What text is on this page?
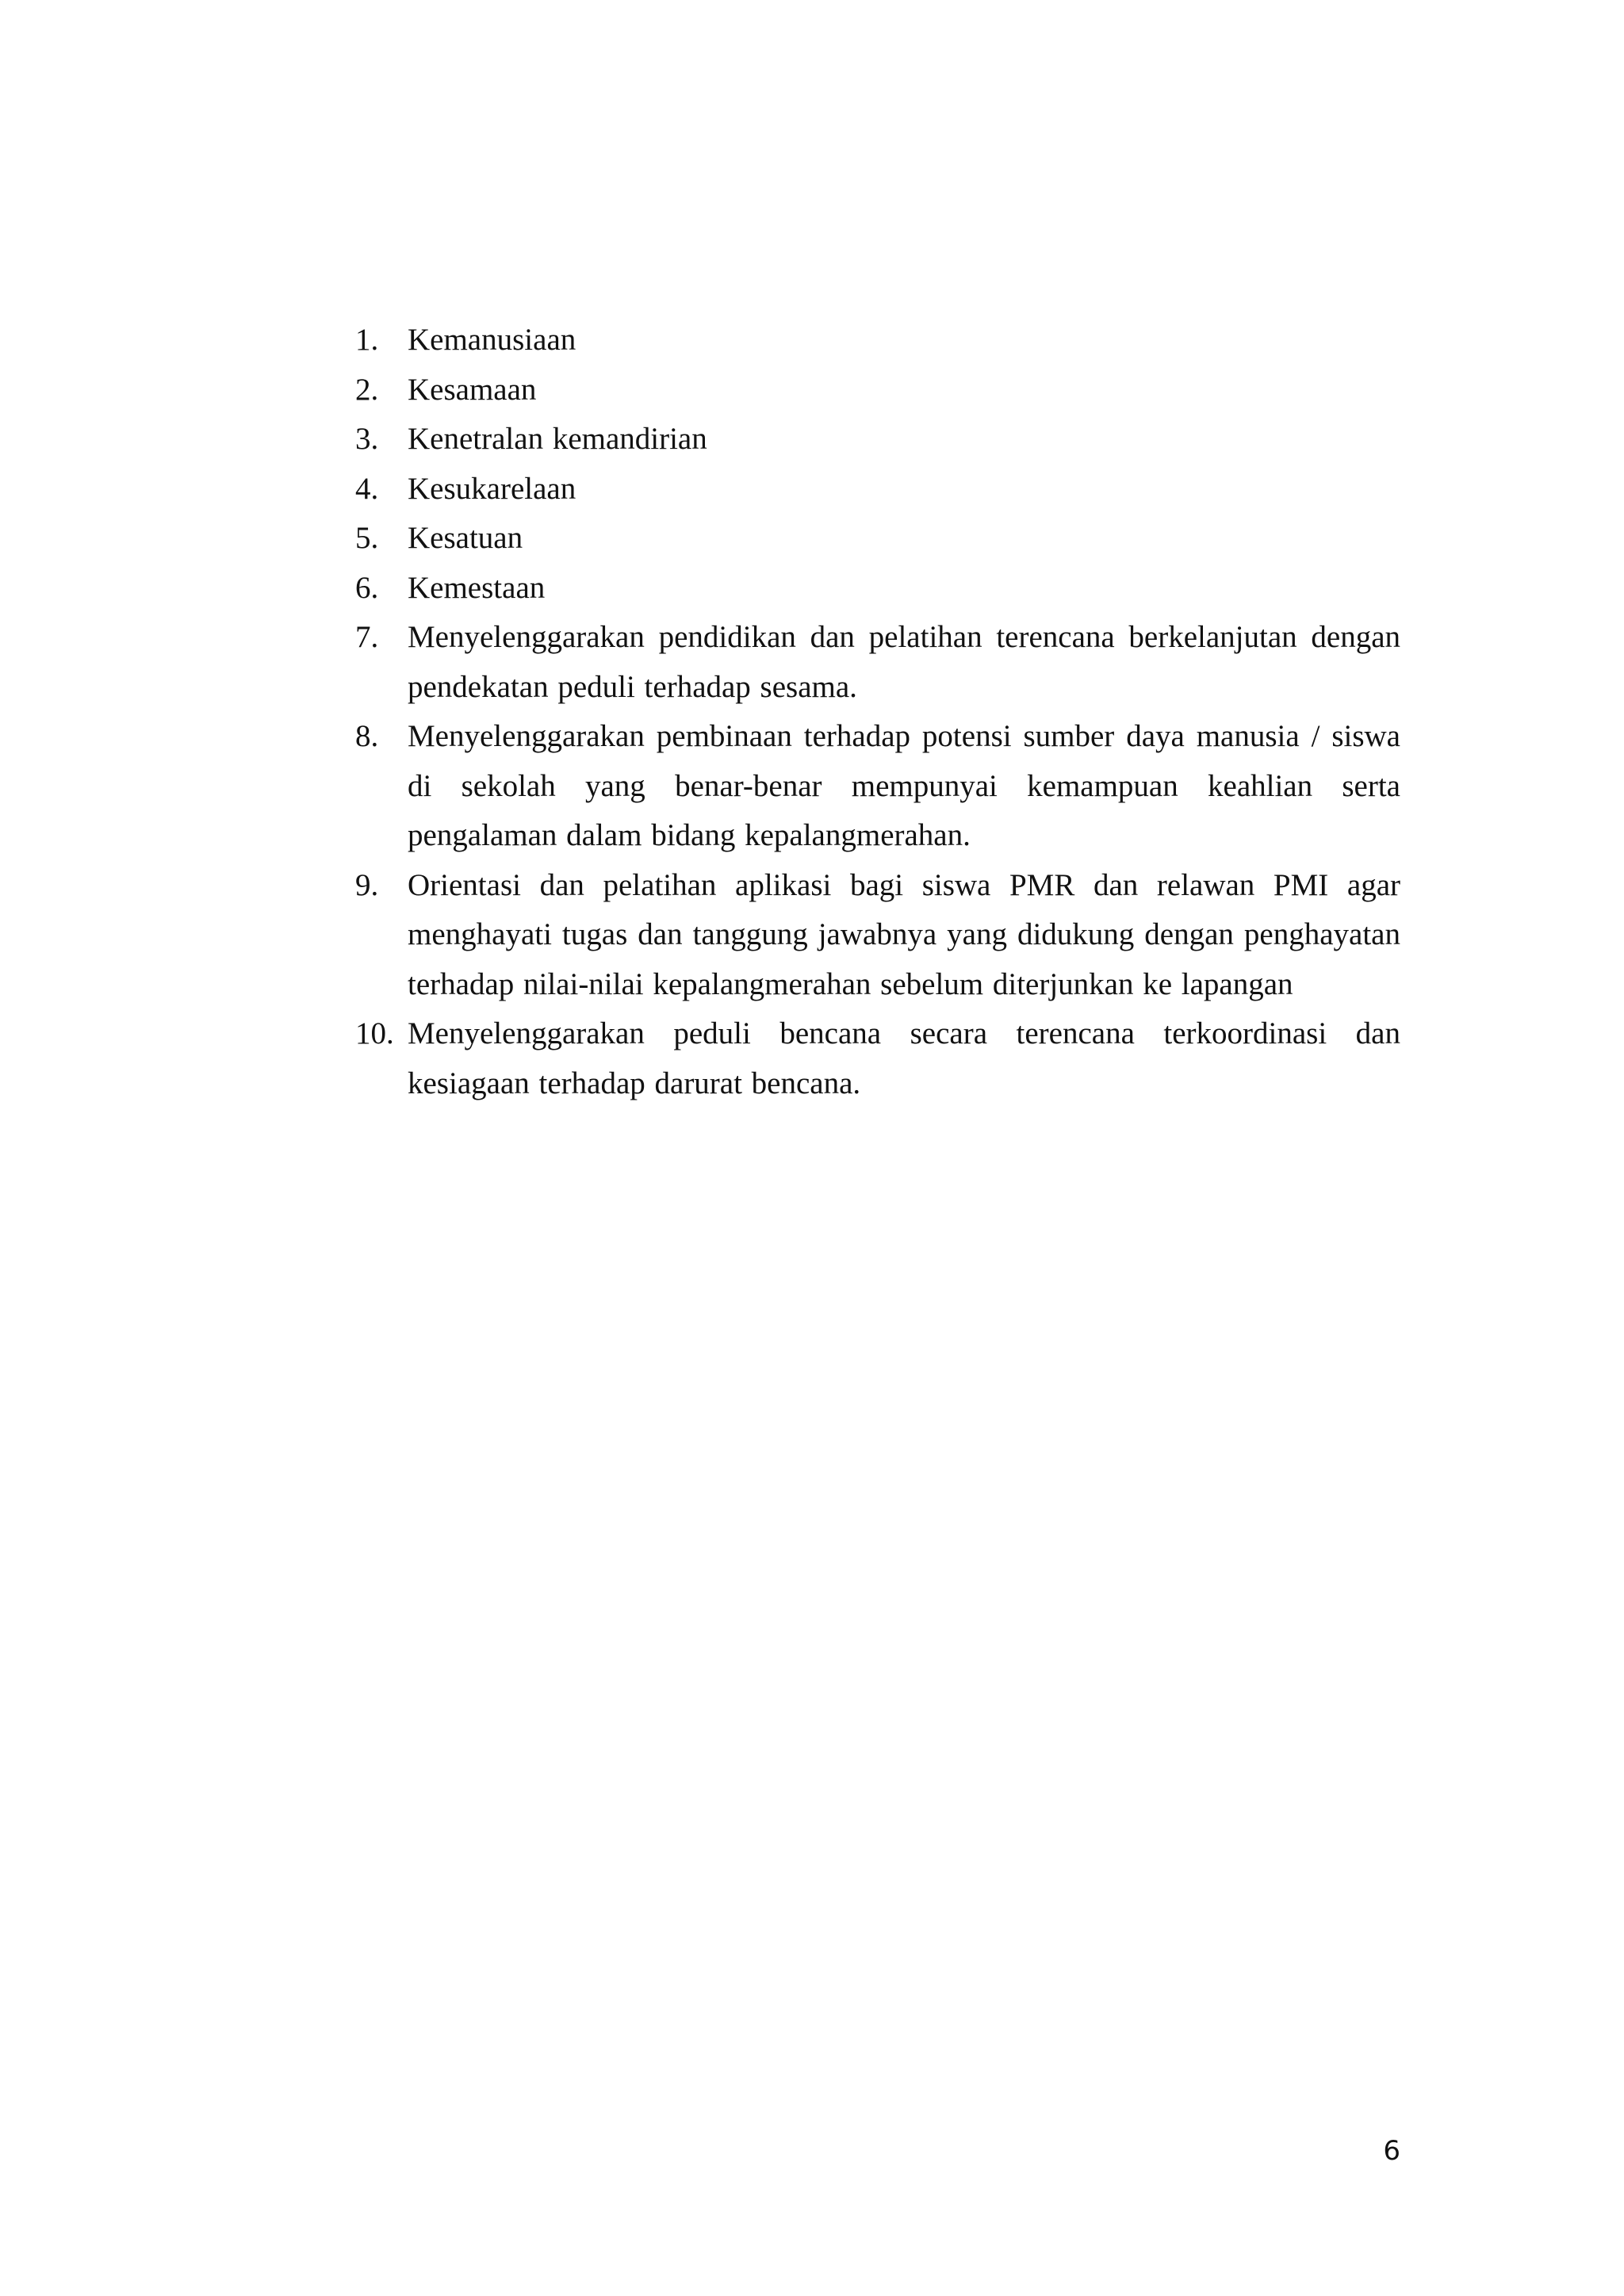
1. Kemanusiaan
2. Kesamaan
3. Kenetralan kemandirian
4. Kesukarelaan
5. Kesatuan
6. Kemestaan
7. Menyelenggarakan pendidikan dan pelatihan terencana berkelanjutan dengan pendekatan peduli terhadap sesama.
8. Menyelenggarakan pembinaan terhadap potensi sumber daya manusia / siswa di sekolah yang benar-benar mempunyai kemampuan keahlian serta pengalaman dalam bidang kepalangmerahan.
9. Orientasi dan pelatihan aplikasi bagi siswa PMR dan relawan PMI agar menghayati tugas dan tanggung jawabnya yang didukung dengan penghayatan terhadap nilai-nilai kepalangmerahan sebelum diterjunkan ke lapangan
10. Menyelenggarakan peduli bencana secara terencana terkoordinasi dan kesiagaan terhadap darurat bencana.
6
